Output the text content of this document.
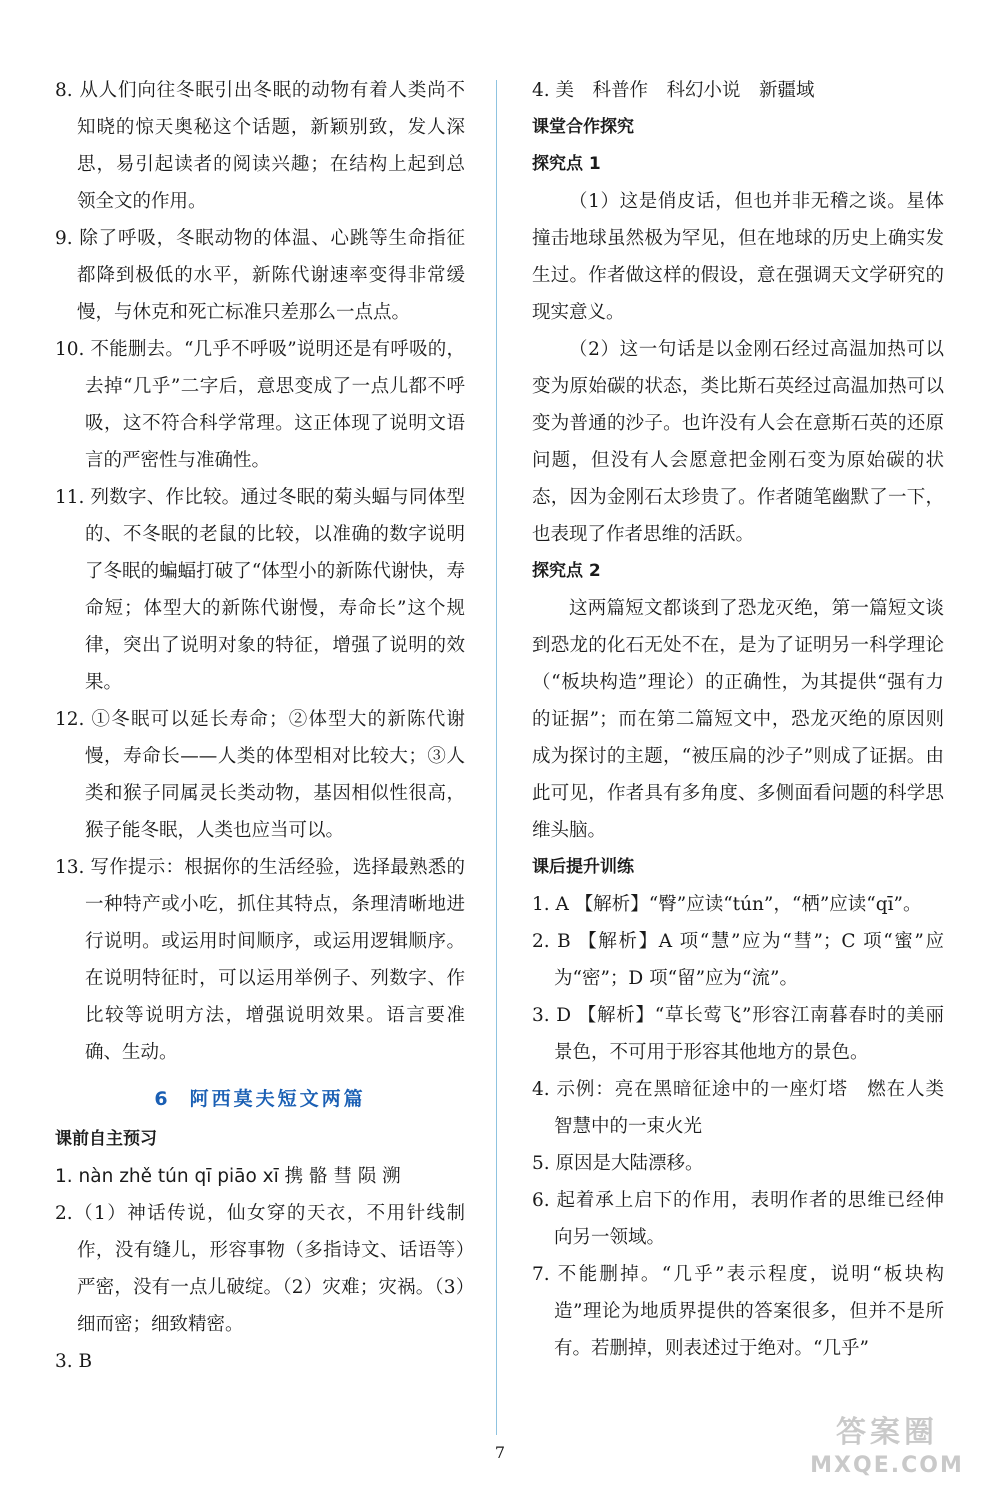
8. 从人们向往冬眠引出冬眠的动物有着人类尚不知晓的惊天奥秘这个话题，新颖别致，发人深思，易引起读者的阅读兴趣；在结构上起到总领全文的作用。

9. 除了呼吸，冬眠动物的体温、心跳等生命指征都降到极低的水平，新陈代谢速率变得非常缓慢，与休克和死亡标准只差那么一点点。

10. 不能删去。“几乎不呼吸”说明还是有呼吸的，去掉“几乎”二字后，意思变成了一点儿都不呼吸，这不符合科学常理。这正体现了说明文语言的严密性与准确性。

11. 列数字、作比较。通过冬眠的菊头蝠与同体型的、不冬眠的老鼠的比较，以准确的数字说明了冬眠的蝙蝠打破了“体型小的新陈代谢快，寿命短；体型大的新陈代谢慢，寿命长”这个规律，突出了说明对象的特征，增强了说明的效果。

12. ①冬眠可以延长寿命；②体型大的新陈代谢慢，寿命长——人类的体型相对比较大；③人类和猴子同属灵长类动物，基因相似性很高，猴子能冬眠，人类也应当可以。

13. 写作提示：根据你的生活经验，选择最熟悉的一种特产或小吃，抓住其特点，条理清晰地进行说明。或运用时间顺序，或运用逻辑顺序。在说明特征时，可以运用举例子、列数字、作比较等说明方法，增强说明效果。语言要准确、生动。

6 阿西莫夫短文两篇

课前自主预习

1. nàn zhě tún qī piāo xī 携 骼 彗 陨 溯

2.（1）神话传说，仙女穿的天衣，不用针线制作，没有缝儿，形容事物（多指诗文、话语等）严密，没有一点儿破绽。（2）灾难；灾祸。（3）细而密；细致精密。

3. B

4. 美　科普作　科幻小说　新疆域

课堂合作探究

探究点 1

（1）这是俏皮话，但也并非无稽之谈。星体撞击地球虽然极为罕见，但在地球的历史上确实发生过。作者做这样的假设，意在强调天文学研究的现实意义。

（2）这一句话是以金刚石经过高温加热可以变为原始碳的状态，类比斯石英经过高温加热可以变为普通的沙子。也许没有人会在意斯石英的还原问题，但没有人会愿意把金刚石变为原始碳的状态，因为金刚石太珍贵了。作者随笔幽默了一下，也表现了作者思维的活跃。

探究点 2

这两篇短文都谈到了恐龙灭绝，第一篇短文谈到恐龙的化石无处不在，是为了证明另一科学理论（“板块构造”理论）的正确性，为其提供“强有力的证据”；而在第二篇短文中，恐龙灭绝的原因则成为探讨的主题，“被压扁的沙子”则成了证据。由此可见，作者具有多角度、多侧面看问题的科学思维头脑。

课后提升训练

1. A 【解析】“臀”应读“tún”，“栖”应读“qī”。

2. B 【解析】A 项“慧”应为“彗”；C 项“蜜”应为“密”；D 项“留”应为“流”。

3. D 【解析】“草长莺飞”形容江南暮春时的美丽景色，不可用于形容其他地方的景色。

4. 示例：亮在黑暗征途中的一座灯塔　燃在人类智慧中的一束火光

5. 原因是大陆漂移。

6. 起着承上启下的作用，表明作者的思维已经伸向另一领域。

7. 不能删掉。“几乎”表示程度，说明“板块构造”理论为地质界提供的答案很多，但并不是所有。若删掉，则表述过于绝对。“几乎”

7
答案圈
MXQE.COM
